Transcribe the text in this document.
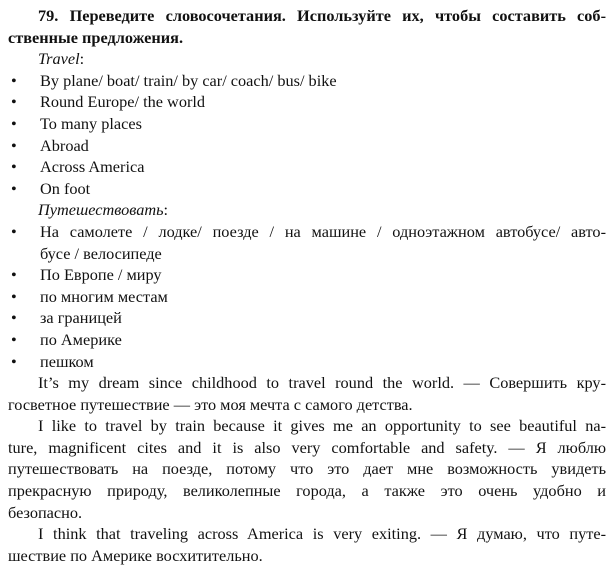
79. Переведите словосочетания. Используйте их, чтобы составить соб-
ственные предложения.
Travel:
• By plane/ boat/ train/ by car/ coach/ bus/ bike
• Round Europe/ the world
• To many places
• Abroad
• Across America
• On foot
Путешествовать:
• На самолете / лодке/ поезде / на машине / одноэтажном автобусе/ авто-
бусе / велосипеде
• По Европе / миру
• по многим местам
• за границей
• по Америке
• пешком
It’s my dream since childhood to travel round the world. — Совершить кру-
госветное путешествие — это моя мечта с самого детства.
I like to travel by train because it gives me an opportunity to see beautiful na-
ture, magnificent cites and it is also very comfortable and safety. — Я люблю
путешествовать на поезде, потому что это дает мне возможность увидеть
прекрасную природу, великолепные города, а также это очень удобно и
безопасно.
I think that traveling across America is very exiting. — Я думаю, что путе-
шествие по Америке восхитительно.
